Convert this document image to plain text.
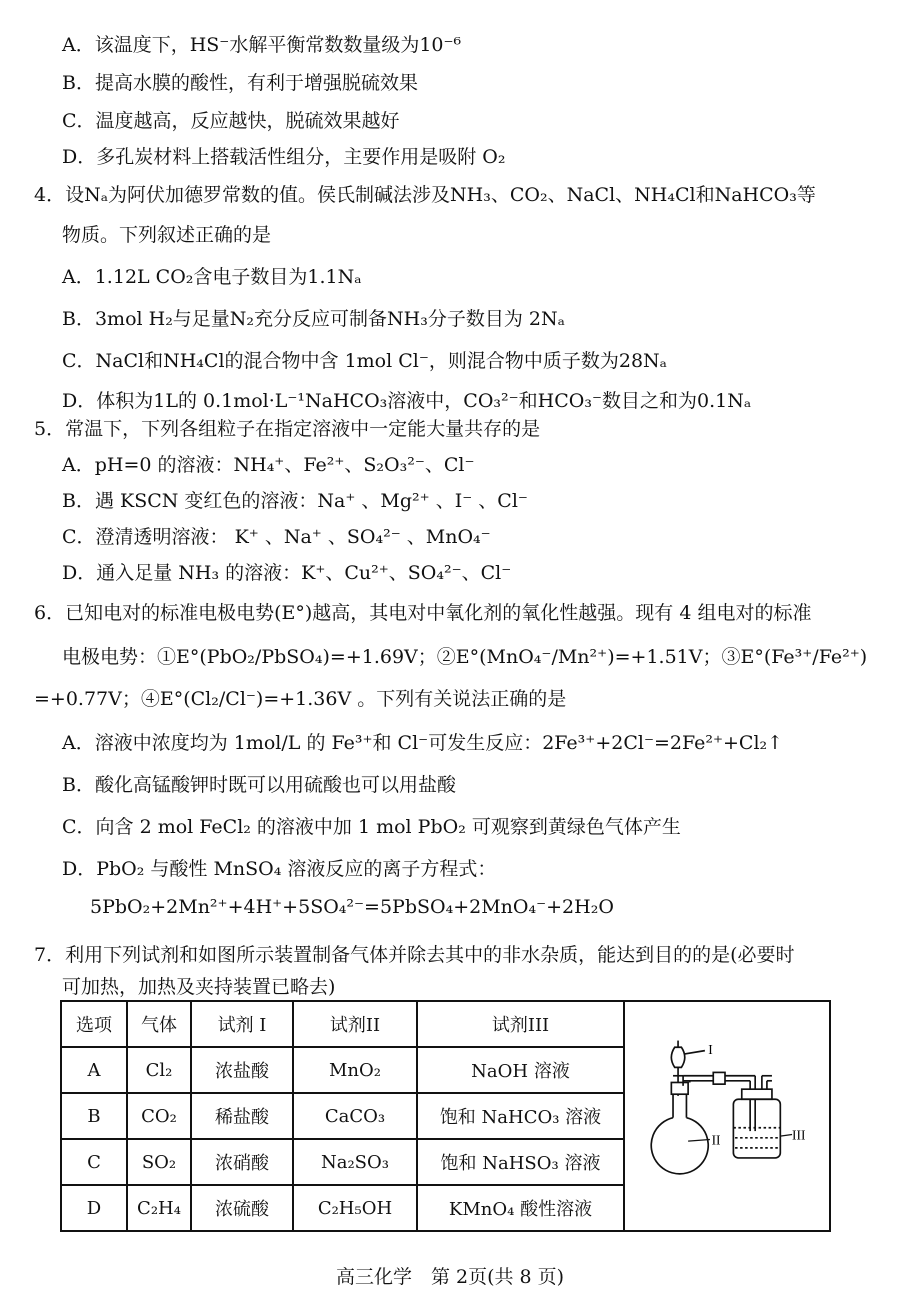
A．该温度下，HS⁻水解平衡常数数量级为10⁻⁶
B．提高水膜的酸性，有利于增强脱硫效果
C．温度越高，反应越快，脱硫效果越好
D．多孔炭材料上搭载活性组分，主要作用是吸附 O₂
4．设Nₐ为阿伏加德罗常数的值。侯氏制碱法涉及NH₃、CO₂、NaCl、NH₄Cl和NaHCO₃等
物质。下列叙述正确的是
A．1.12L CO₂含电子数目为1.1Nₐ
B．3mol H₂与足量N₂充分反应可制备NH₃分子数目为 2Nₐ
C．NaCl和NH₄Cl的混合物中含 1mol Cl⁻，则混合物中质子数为28Nₐ
D．体积为1L的 0.1mol·L⁻¹NaHCO₃溶液中，CO₃²⁻和HCO₃⁻数目之和为0.1Nₐ
5．常温下，下列各组粒子在指定溶液中一定能大量共存的是
A．pH=0 的溶液：NH₄⁺、Fe²⁺、S₂O₃²⁻、Cl⁻
B．遇 KSCN 变红色的溶液：Na⁺ 、Mg²⁺ 、I⁻ 、Cl⁻
C．澄清透明溶液： K⁺ 、Na⁺ 、SO₄²⁻ 、MnO₄⁻
D．通入足量 NH₃ 的溶液：K⁺、Cu²⁺、SO₄²⁻、Cl⁻
6．已知电对的标准电极电势(E°)越高，其电对中氧化剂的氧化性越强。现有 4 组电对的标准
电极电势：①E°(PbO₂/PbSO₄)=+1.69V；②E°(MnO₄⁻/Mn²⁺)=+1.51V；③E°(Fe³⁺/Fe²⁺)
=+0.77V；④E°(Cl₂/Cl⁻)=+1.36V 。下列有关说法正确的是
A．溶液中浓度均为 1mol/L 的 Fe³⁺和 Cl⁻可发生反应：2Fe³⁺+2Cl⁻=2Fe²⁺+Cl₂↑
B．酸化高锰酸钾时既可以用硫酸也可以用盐酸
C．向含 2 mol FeCl₂ 的溶液中加 1 mol PbO₂ 可观察到黄绿色气体产生
D．PbO₂ 与酸性 MnSO₄ 溶液反应的离子方程式：
5PbO₂+2Mn²⁺+4H⁺+5SO₄²⁻=5PbSO₄+2MnO₄⁻+2H₂O
7．利用下列试剂和如图所示装置制备气体并除去其中的非水杂质，能达到目的的是(必要时
可加热，加热及夹持装置已略去)
选项	气体	试剂 I	试剂II	试剂III
A	Cl₂	浓盐酸	MnO₂	NaOH 溶液
B	CO₂	稀盐酸	CaCO₃	饱和 NaHCO₃ 溶液
C	SO₂	浓硝酸	Na₂SO₃	饱和 NaHSO₃ 溶液
D	C₂H₄	浓硫酸	C₂H₅OH	KMnO₄ 酸性溶液
I
II	III
高三化学　第 2页(共 8 页)
